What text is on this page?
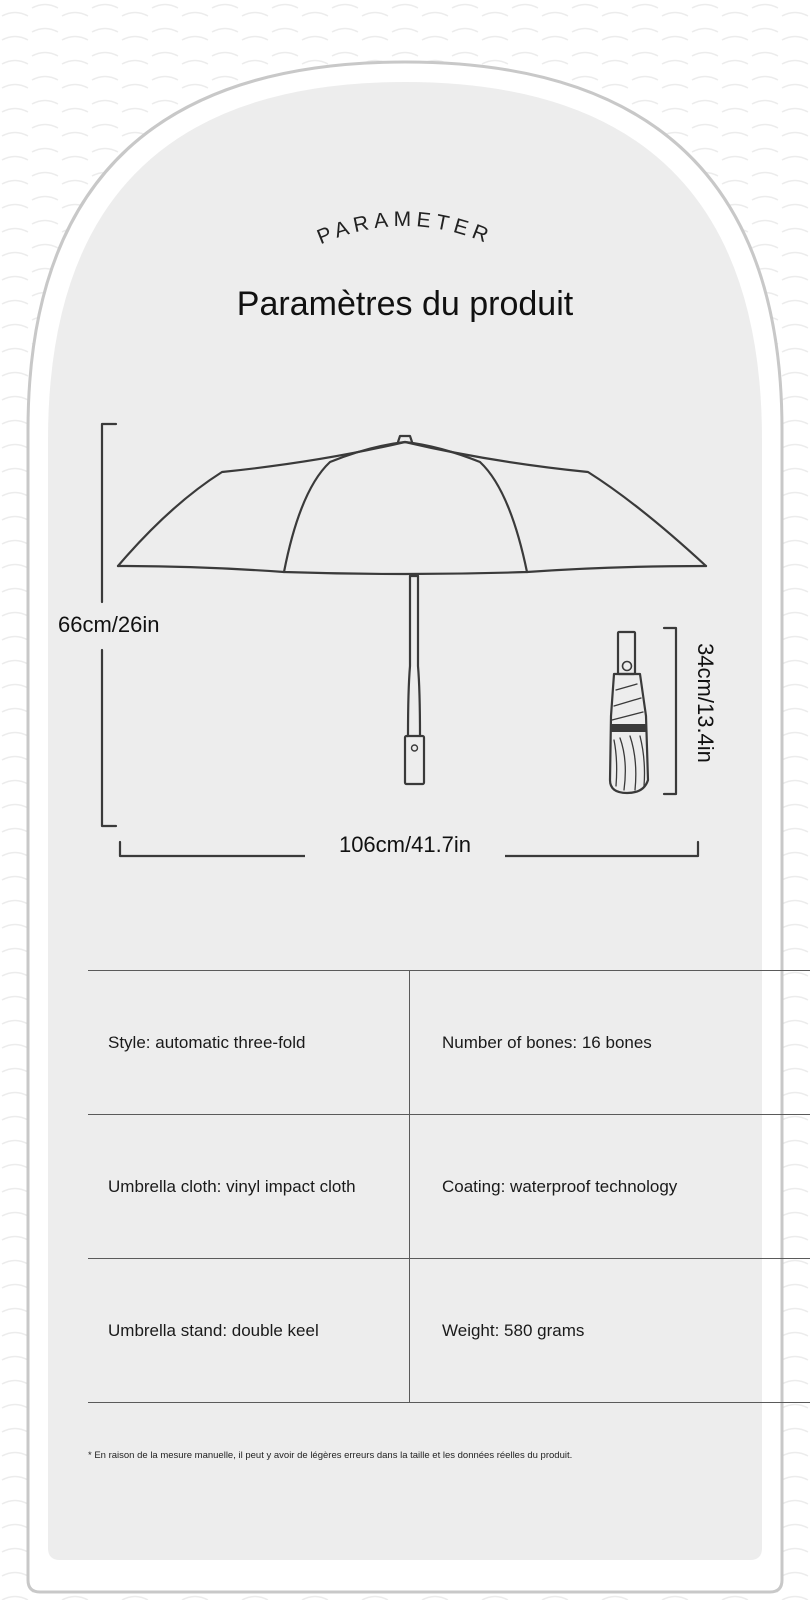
PARAMETER
Paramètres du produit
66cm/26in
106cm/41.7in
34cm/13.4in
Style: automatic three-fold	Number of bones: 16 bones
Umbrella cloth: vinyl impact cloth	Coating: waterproof technology
Umbrella stand: double keel	Weight: 580 grams
* En raison de la mesure manuelle, il peut y avoir de légères erreurs dans la taille et les données réelles du produit.
